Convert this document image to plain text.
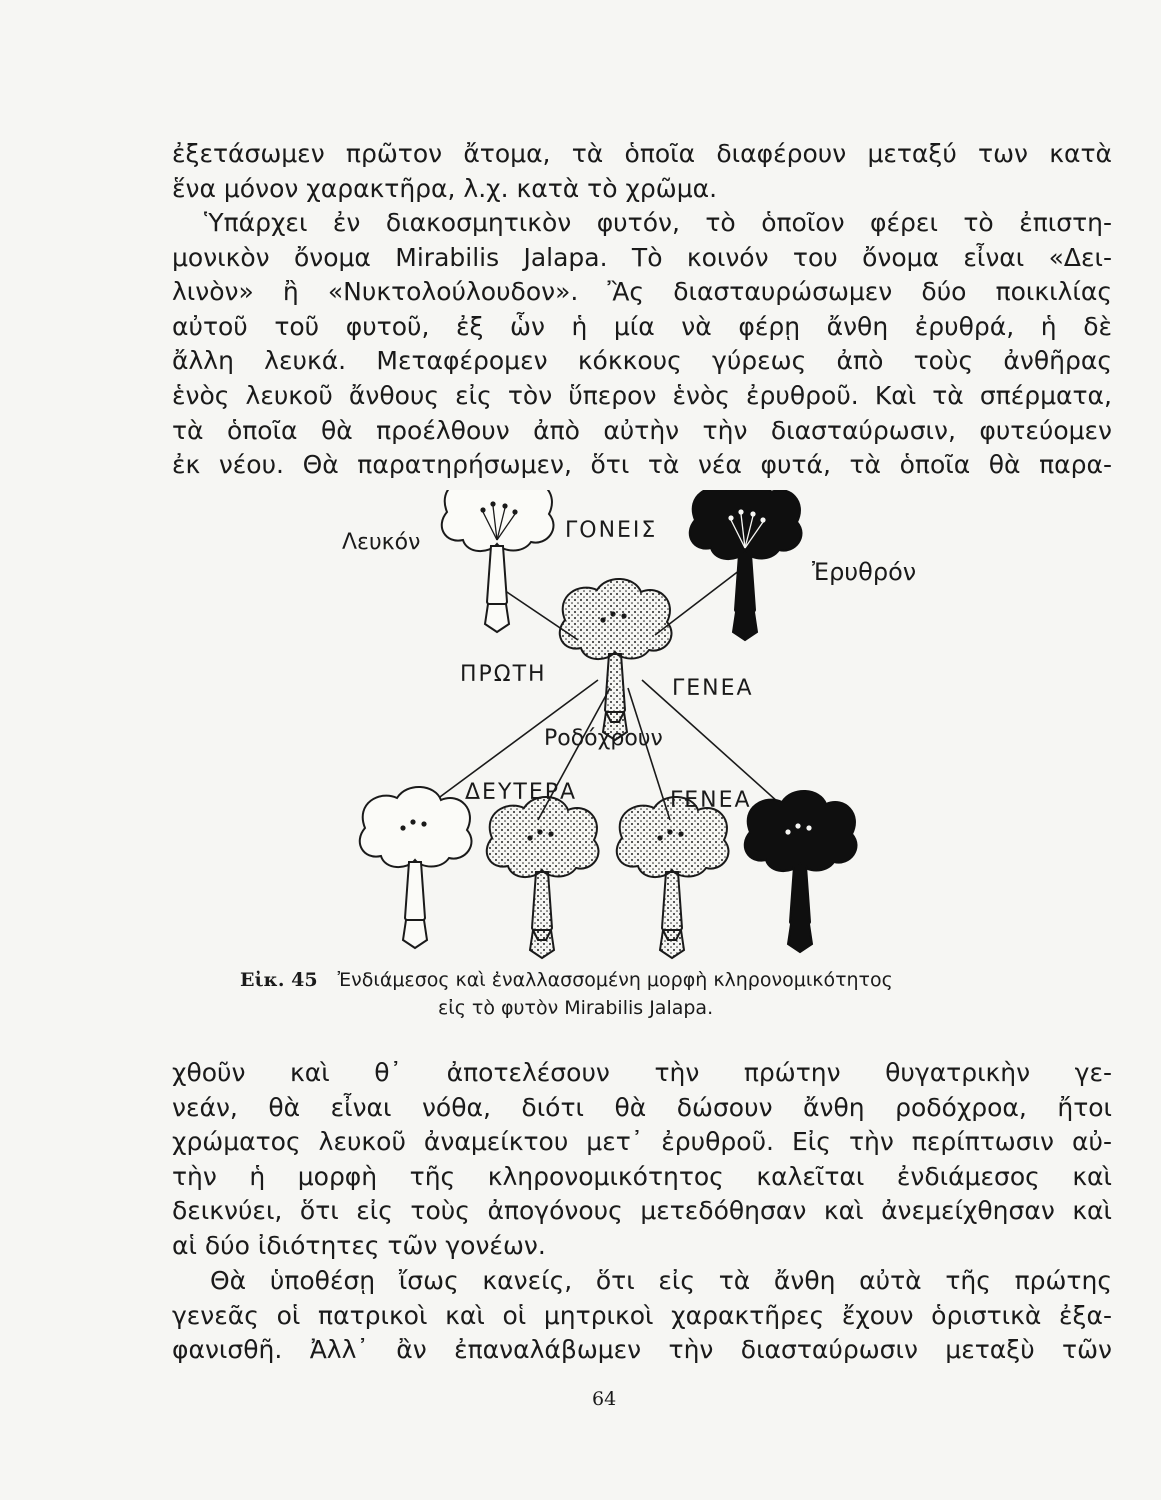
ἐξετάσωμεν πρῶτον ἄτομα, τὰ ὁποῖα διαφέρουν μεταξύ των κατὰ
ἕνα μόνον χαρακτῆρα, λ.χ. κατὰ τὸ χρῶμα.
Ὑπάρχει ἐν διακοσμητικὸν φυτόν, τὸ ὁποῖον φέρει τὸ ἐπιστη-
μονικὸν ὄνομα Mirabilis Jalapa. Τὸ κοινόν του ὄνομα εἶναι «Δει-
λινὸν» ἢ «Νυκτολούλουδον». Ἂς διασταυρώσωμεν δύο ποικιλίας
αὐτοῦ τοῦ φυτοῦ, ἐξ ὧν ἡ μία νὰ φέρῃ ἄνθη ἐρυθρά, ἡ δὲ
ἄλλη λευκά. Μεταφέρομεν κόκκους γύρεως ἀπὸ τοὺς ἀνθῆρας
ἑνὸς λευκοῦ ἄνθους εἰς τὸν ὕπερον ἑνὸς ἐρυθροῦ. Καὶ τὰ σπέρματα,
τὰ ὁποῖα θὰ προέλθουν ἀπὸ αὐτὴν τὴν διασταύρωσιν, φυτεύομεν
ἐκ νέου. Θὰ παρατηρήσωμεν, ὅτι τὰ νέα φυτά, τὰ ὁποῖα θὰ παρα-
Λευκόν	ΓΟΝΕΙΣ
Ἐρυθρόν
ΠΡΩΤΗ
ΓΕΝΕΑ
Ροδόχρουν
ΔΕΥΤΕΡΑ	ΓΕΝΕΑ
Εἰκ. 45 Ἐνδιάμεσος καὶ ἐναλλασσομένη μορφὴ κληρονομικότητος
εἰς τὸ φυτὸν Mirabilis Jalapa.
χθοῦν καὶ θ᾿ ἀποτελέσουν τὴν πρώτην θυγατρικὴν γε-
νεάν, θὰ εἶναι νόθα, διότι θὰ δώσουν ἄνθη ροδόχροα, ἤτοι
χρώματος λευκοῦ ἀναμείκτου μετ᾿ ἐρυθροῦ. Εἰς τὴν περίπτωσιν αὐ-
τὴν ἡ μορφὴ τῆς κληρονομικότητος καλεῖται ἐνδιάμεσος καὶ
δεικνύει, ὅτι εἰς τοὺς ἀπογόνους μετεδόθησαν καὶ ἀνεμείχθησαν καὶ
αἱ δύο ἰδιότητες τῶν γονέων.
Θὰ ὑποθέσῃ ἴσως κανείς, ὅτι εἰς τὰ ἄνθη αὐτὰ τῆς πρώτης
γενεᾶς οἱ πατρικοὶ καὶ οἱ μητρικοὶ χαρακτῆρες ἔχουν ὁριστικὰ ἐξα-
φανισθῆ. Ἀλλ᾿ ἂν ἐπαναλάβωμεν τὴν διασταύρωσιν μεταξὺ τῶν
64
